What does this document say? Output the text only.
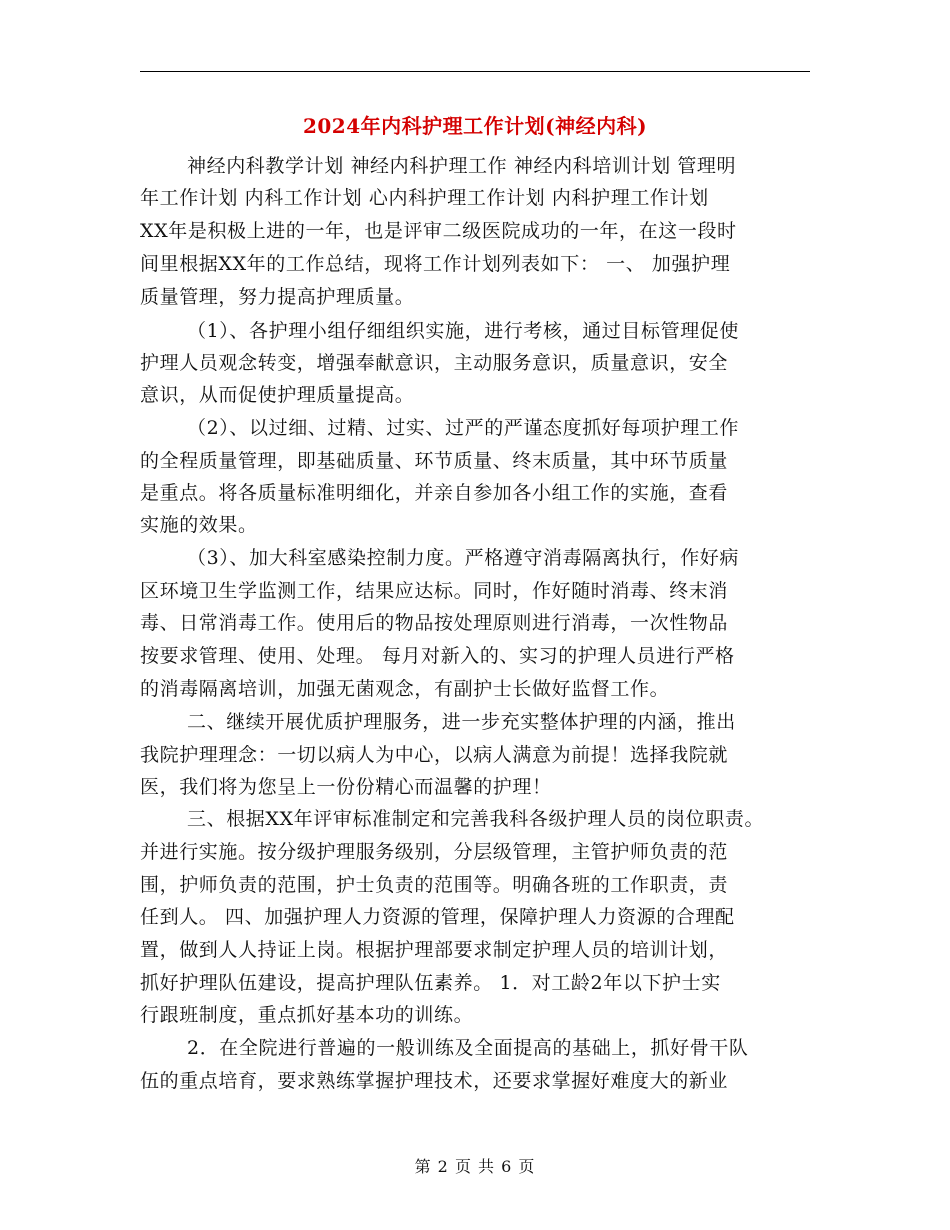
2024年内科护理工作计划(神经内科)
神经内科教学计划 神经内科护理工作 神经内科培训计划 管理明
年工作计划 内科工作计划 心内科护理工作计划 内科护理工作计划
XX年是积极上进的一年，也是评审二级医院成功的一年，在这一段时
间里根据XX年的工作总结，现将工作计划列表如下： 一、 加强护理
质量管理，努力提高护理质量。
（1）、各护理小组仔细组织实施，进行考核，通过目标管理促使
护理人员观念转变，增强奉献意识，主动服务意识，质量意识，安全
意识，从而促使护理质量提高。
（2）、以过细、过精、过实、过严的严谨态度抓好每项护理工作
的全程质量管理，即基础质量、环节质量、终末质量，其中环节质量
是重点。将各质量标准明细化，并亲自参加各小组工作的实施，查看
实施的效果。
（3）、加大科室感染控制力度。严格遵守消毒隔离执行，作好病
区环境卫生学监测工作，结果应达标。同时，作好随时消毒、终末消
毒、日常消毒工作。使用后的物品按处理原则进行消毒，一次性物品
按要求管理、使用、处理。 每月对新入的、实习的护理人员进行严格
的消毒隔离培训，加强无菌观念，有副护士长做好监督工作。
二、继续开展优质护理服务，进一步充实整体护理的内涵，推出
我院护理理念：一切以病人为中心，以病人满意为前提！选择我院就
医，我们将为您呈上一份份精心而温馨的护理！
三、根据XX年评审标准制定和完善我科各级护理人员的岗位职责。
并进行实施。按分级护理服务级别，分层级管理，主管护师负责的范
围，护师负责的范围，护士负责的范围等。明确各班的工作职责，责
任到人。 四、加强护理人力资源的管理，保障护理人力资源的合理配
置，做到人人持证上岗。根据护理部要求制定护理人员的培训计划，
抓好护理队伍建设，提高护理队伍素养。 1．对工龄2年以下护士实
行跟班制度，重点抓好基本功的训练。
2．在全院进行普遍的一般训练及全面提高的基础上，抓好骨干队
伍的重点培育，要求熟练掌握护理技术，还要求掌握好难度大的新业
第 2 页 共 6 页
